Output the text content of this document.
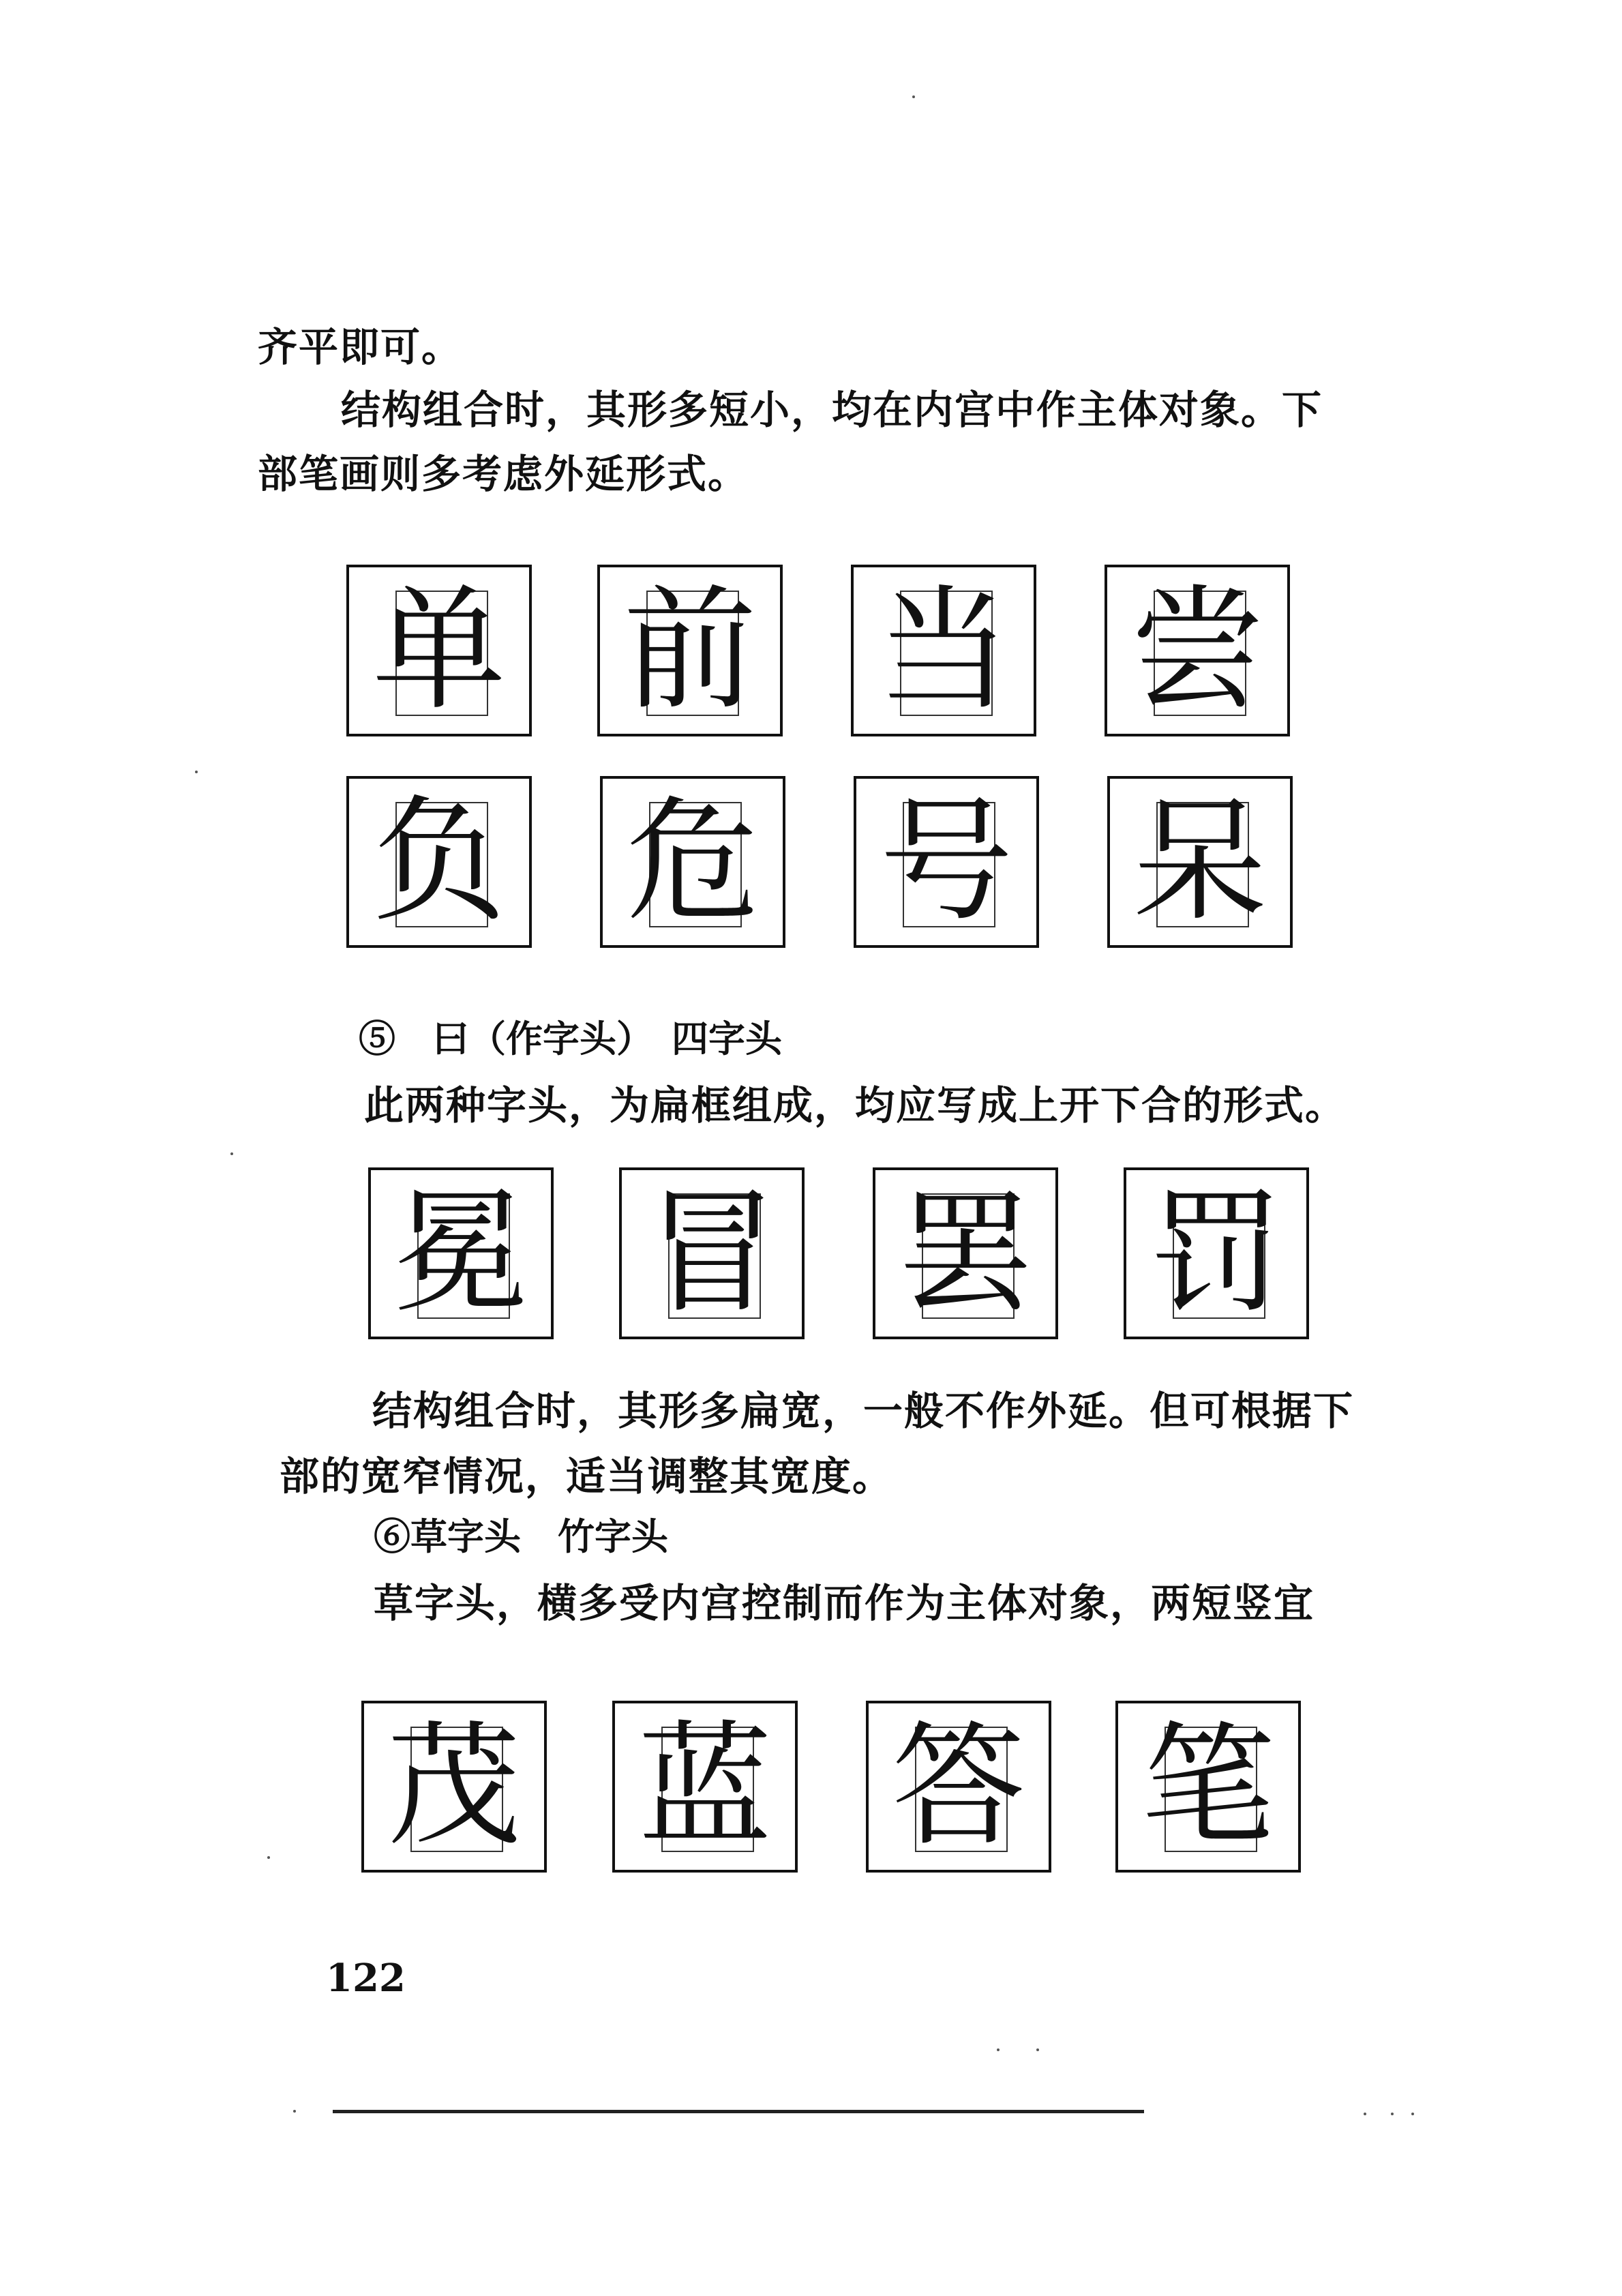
齐平即可。
结构组合时，其形多短小，均在内宫中作主体对象。下
部笔画则多考虑外延形式。
单 前 当 尝
负 危 号 呆
⑤　曰（作字头）　四字头
此两种字头，为扁框组成，均应写成上开下合的形式。
冕 冒 罢 罚
结构组合时，其形多扁宽，一般不作外延。但可根据下
部的宽窄情况，适当调整其宽度。
⑥草字头　竹字头
草字头，横多受内宫控制而作为主体对象，两短竖宜
茂 蓝 答 笔
122
